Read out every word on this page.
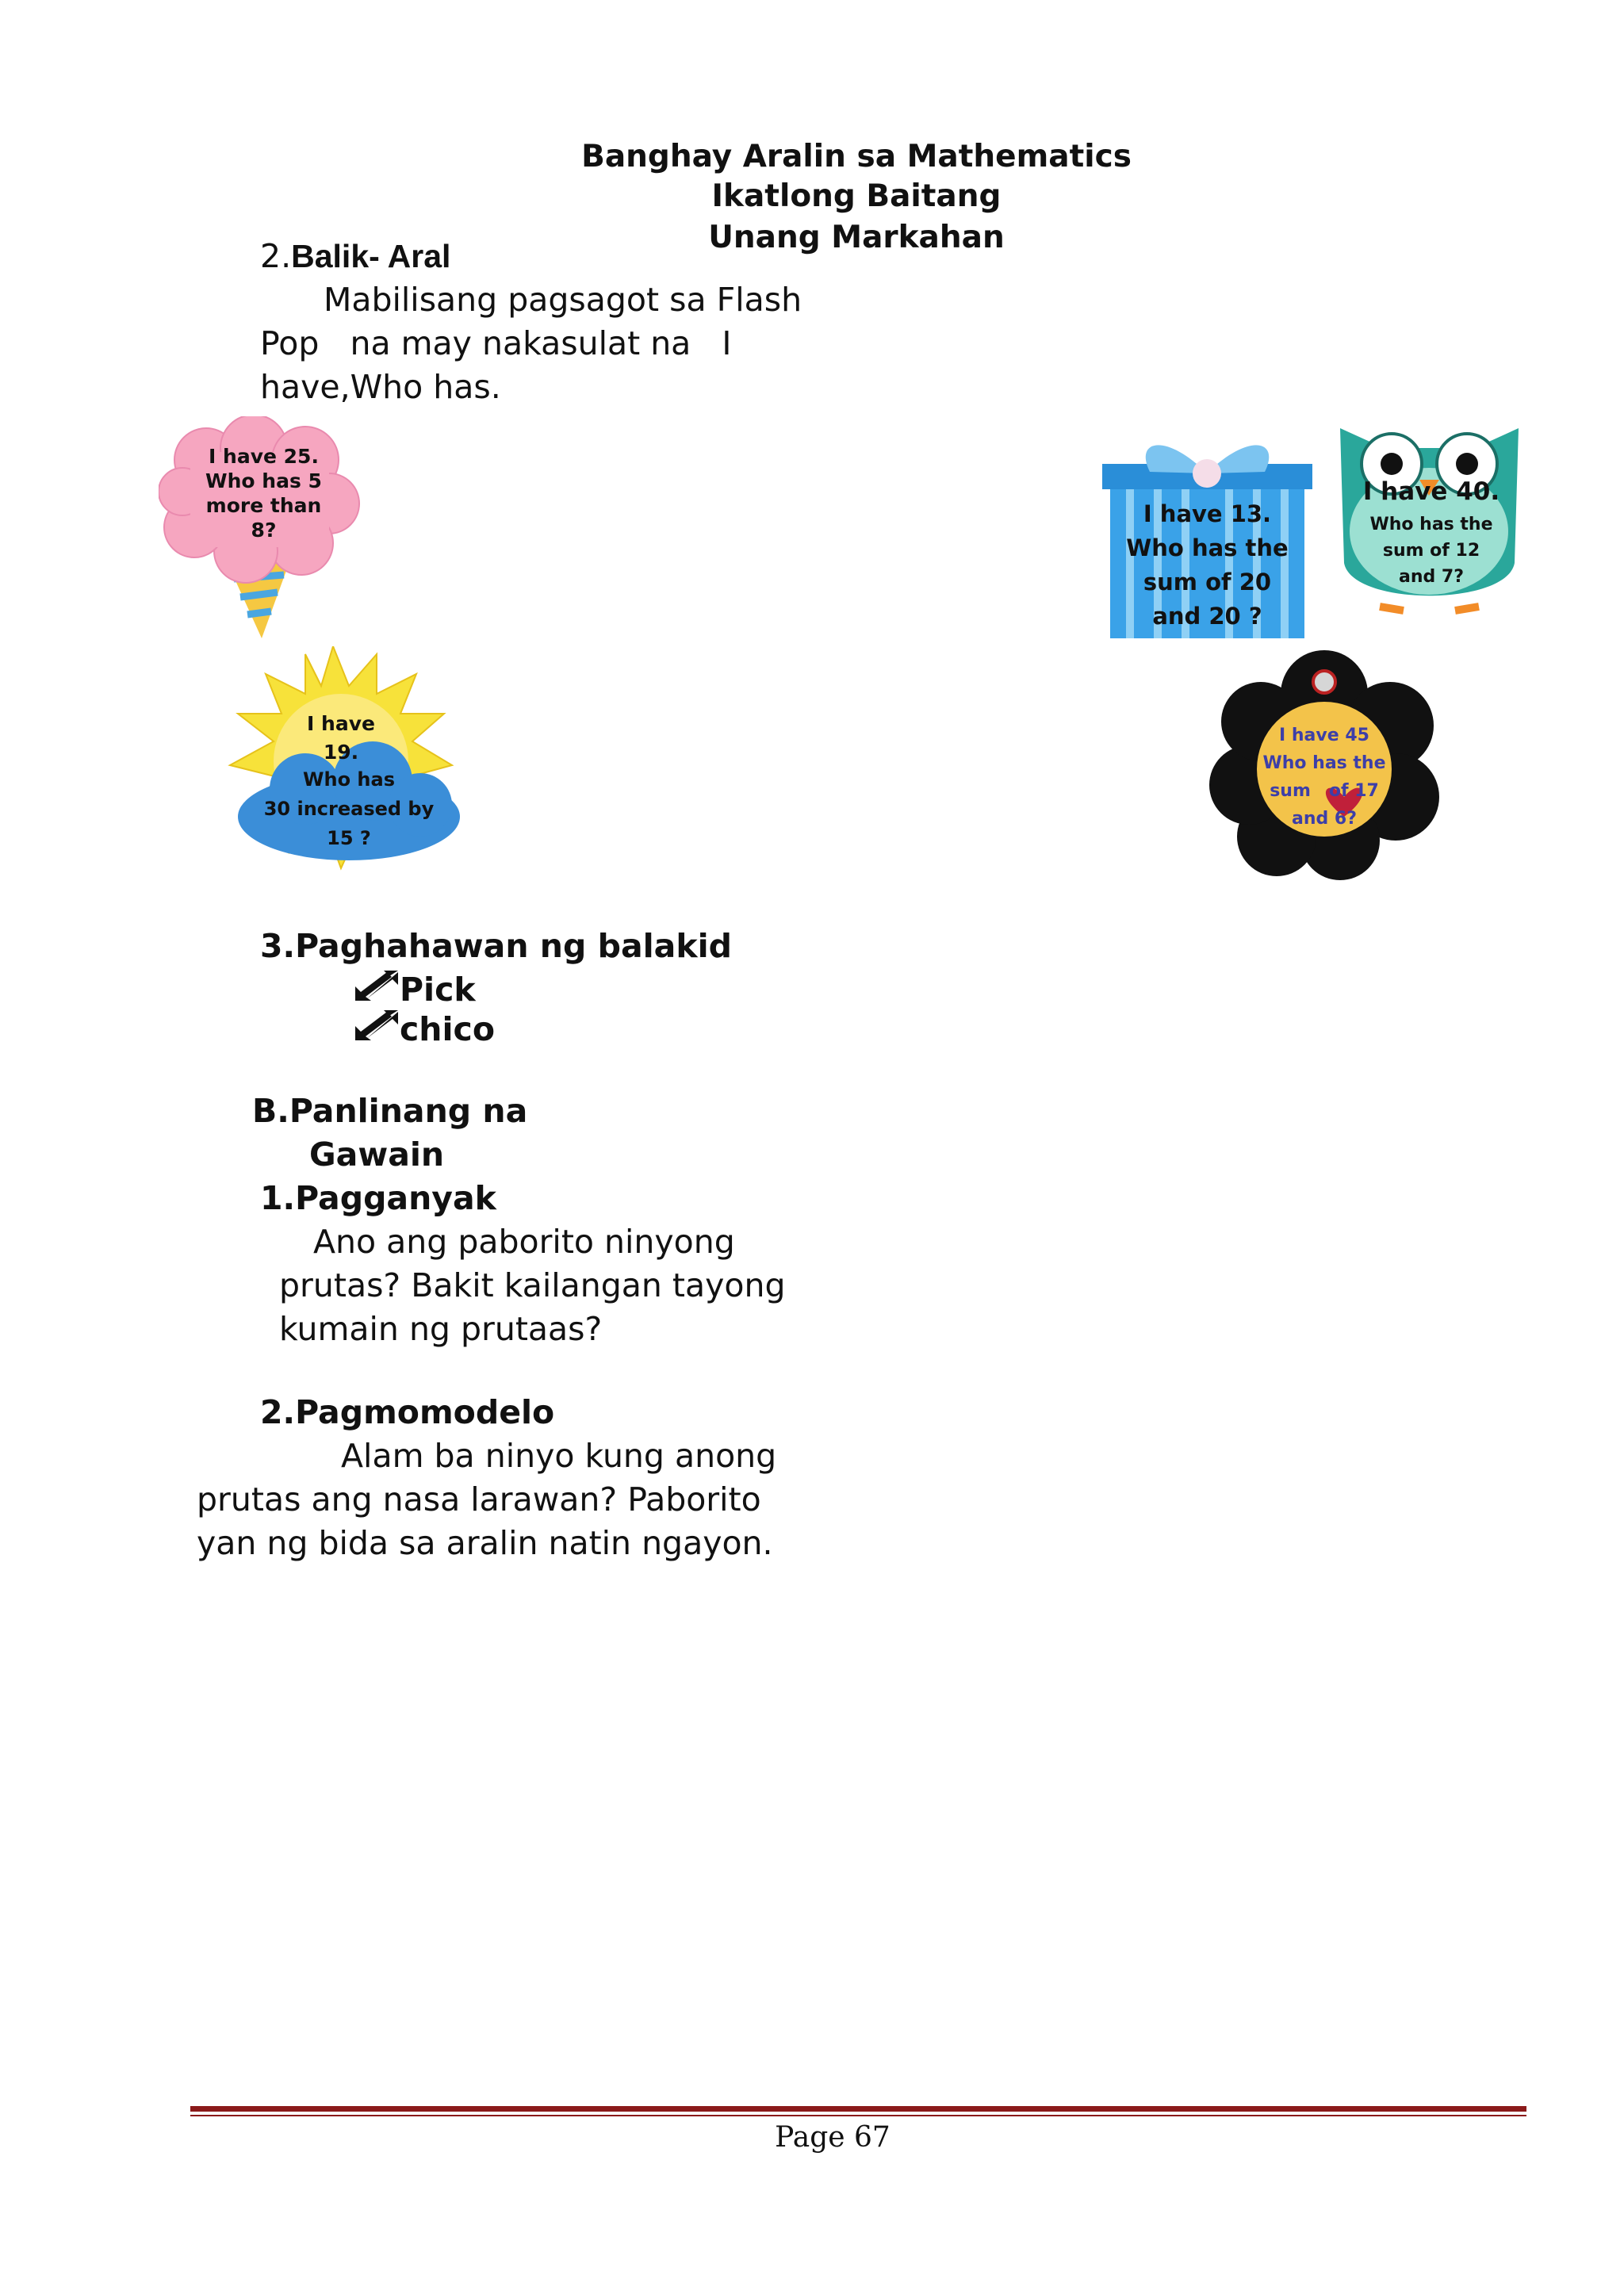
Banghay Aralin sa Mathematics
Ikatlong Baitang
Unang Markahan
2.Balik- Aral
Mabilisang pagsagot sa Flash
Pop   na may nakasulat na   I
have,Who has.
I have 25.
Who has 5
more than
8?
I have
19.
Who has
30 increased by
15 ?
I have 13.
Who has the
sum of 20
and 20 ?
I have 40.
Who has the
sum of 12
and 7?
I have 45
Who has the
sum   of 17
and 6?
3.Paghahawan ng balakid
Pick
chico
B.Panlinang na
Gawain
1.Pagganyak
Ano ang paborito ninyong
prutas? Bakit kailangan tayong
kumain ng prutaas?
2.Pagmomodelo
Alam ba ninyo kung anong
prutas ang nasa larawan? Paborito
yan ng bida sa aralin natin ngayon.
Page 67
